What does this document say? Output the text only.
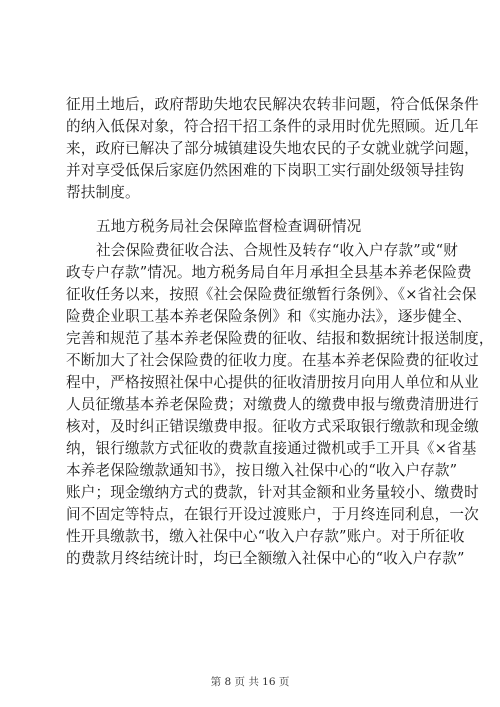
征用土地后，政府帮助失地农民解决农转非问题，符合低保条件
的纳入低保对象，符合招干招工条件的录用时优先照顾。近几年
来，政府已解决了部分城镇建设失地农民的子女就业就学问题，
并对享受低保后家庭仍然困难的下岗职工实行副处级领导挂钩
帮扶制度。
五地方税务局社会保障监督检查调研情况
社会保险费征收合法、合规性及转存“收入户存款”或“财
政专户存款”情况。地方税务局自年月承担全县基本养老保险费
征收任务以来，按照《社会保险费征缴暂行条例》、《×省社会保
险费企业职工基本养老保险条例》和《实施办法》，逐步健全、
完善和规范了基本养老保险费的征收、结报和数据统计报送制度，
不断加大了社会保险费的征收力度。在基本养老保险费的征收过
程中，严格按照社保中心提供的征收清册按月向用人单位和从业
人员征缴基本养老保险费；对缴费人的缴费申报与缴费清册进行
核对，及时纠正错误缴费申报。征收方式采取银行缴款和现金缴
纳，银行缴款方式征收的费款直接通过微机或手工开具《×省基
本养老保险缴款通知书》，按日缴入社保中心的“收入户存款”
账户；现金缴纳方式的费款，针对其金额和业务量较小、缴费时
间不固定等特点，在银行开设过渡账户，于月终连同利息，一次
性开具缴款书，缴入社保中心“收入户存款”账户。对于所征收
的费款月终结统计时，均已全额缴入社保中心的“收入户存款”
第 8 页 共 16 页
